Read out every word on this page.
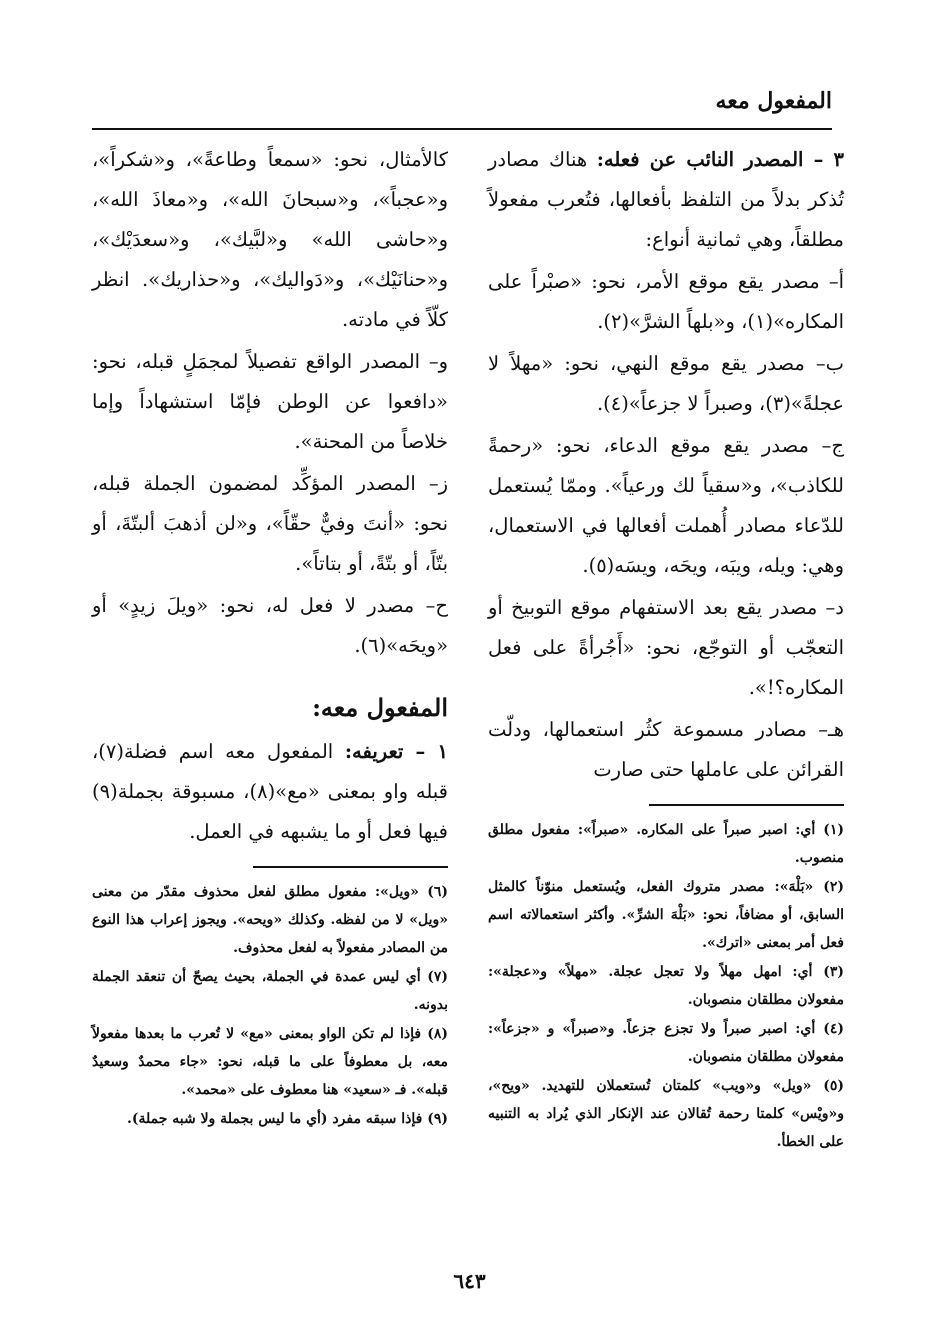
المفعول معه

٣ – المصدر النائب عن فعله: هناك مصادر تُذكر بدلاً من التلفظ بأفعالها، فتُعرب مفعولاً مطلقاً، وهي ثمانية أنواع:

أ– مصدر يقع موقع الأمر، نحو: «صبْراً على المكاره»(١)، و«بلهاً الشرَّ»(٢).

ب– مصدر يقع موقع النهي، نحو: «مهلاً لا عجلةً»(٣)، وصبراً لا جزعاً»(٤).

ج– مصدر يقع موقع الدعاء، نحو: «رحمةً للكاذب»، و«سقياً لك ورعياً». وممّا يُستعمل للدّعاء مصادر أُهملت أفعالها في الاستعمال، وهي: ويله، ويبَه، ويحَه، ويسَه(٥).

د– مصدر يقع بعد الاستفهام موقع التوبيخ أو التعجّب أو التوجّع، نحو: «أَجُرأةً على فعل المكاره؟!».

هـ– مصادر مسموعة كثُر استعمالها، ودلّت القرائن على عاملها حتى صارت

(١) أي: اصبر صبراً على المكاره. «صبراً»: مفعول مطلق منصوب.
(٢) «بَلْهَ»: مصدر متروك الفعل، ويُستعمل منوّناً كالمثل السابق، أو مضافاً، نحو: «بَلْهَ الشرِّ». وأكثر استعمالاته اسم فعل أمر بمعنى «اترك».
(٣) أي: امهل مهلاً ولا تعجل عجلة. «مهلاً» و«عجلة»: مفعولان مطلقان منصوبان.
(٤) أي: اصبر صبراً ولا تجزع جزعاً. و«صبراً» و «جزعاً»: مفعولان مطلقان منصوبان.
(٥) «ويل» و«ويب» كلمتان تُستعملان للتهديد. «ويح»، و«ويْس» كلمتا رحمة تُقالان عند الإنكار الذي يُراد به التنبيه على الخطأ.

كالأمثال، نحو: «سمعاً وطاعةً»، و«شكراً»، و«عجباً»، و«سبحانَ الله»، و«معاذَ الله»، و«حاشى الله» و«لبَّيك»، و«سعدَيْك»، و«حنانَيْك»، و«دَواليك»، و«حذاريك». انظر كلّاً في مادته.

و– المصدر الواقع تفصيلاً لمجمَلٍ قبله، نحو: «دافعوا عن الوطن فإمّا استشهاداً وإما خلاصاً من المحنة».

ز– المصدر المؤكِّد لمضمون الجملة قبله، نحو: «أنتَ وفيٌّ حقّاً»، و«لن أذهبَ ألبتّةَ، أو بتّاً، أو بتّةً، أو بتاتاً».

ح– مصدر لا فعل له، نحو: «ويلَ زيدٍ» أو «ويحَه»(٦).

المفعول معه:

١ – تعريفه: المفعول معه اسم فضلة(٧)، قبله واو بمعنى «مع»(٨)، مسبوقة بجملة(٩) فيها فعل أو ما يشبهه في العمل.

(٦) «ويل»: مفعول مطلق لفعل محذوف مقدّر من معنى «ويل» لا من لفظه. وكذلك «ويحه». ويجوز إعراب هذا النوع من المصادر مفعولاً به لفعل محذوف.
(٧) أي ليس عمدة في الجملة، بحيث يصحّ أن تنعقد الجملة بدونه.
(٨) فإذا لم تكن الواو بمعنى «مع» لا تُعرب ما بعدها مفعولاً معه، بل معطوفاً على ما قبله، نحو: «جاء محمدٌ وسعيدٌ قبله». فـ «سعيد» هنا معطوف على «محمد».
(٩) فإذا سبقه مفرد (أي ما ليس بجملة ولا شبه جملة).
٦٤٣
